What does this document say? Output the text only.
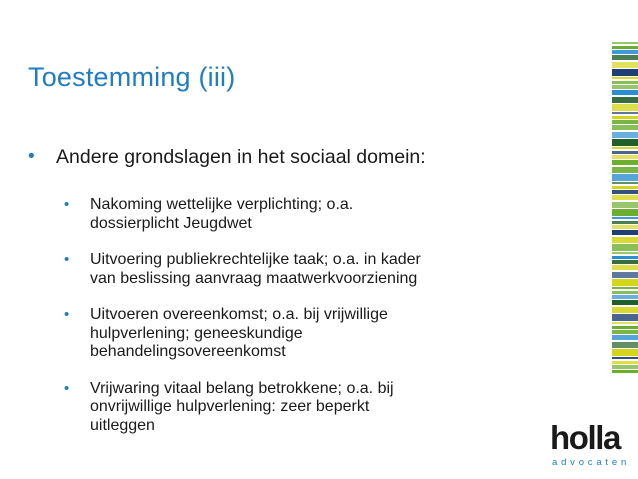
Toestemming (iii)
• Andere grondslagen in het sociaal domein:
• Nakoming wettelijke verplichting; o.a.
dossierplicht Jeugdwet
• Uitvoering publiekrechtelijke taak; o.a. in kader
van beslissing aanvraag maatwerkvoorziening
• Uitvoeren overeenkomst; o.a. bij vrijwillige
hulpverlening; geneeskundige
behandelingsovereenkomst
• Vrijwaring vitaal belang betrokkene; o.a. bij
onvrijwillige hulpverlening: zeer beperkt
uitleggen	holla
advocaten
